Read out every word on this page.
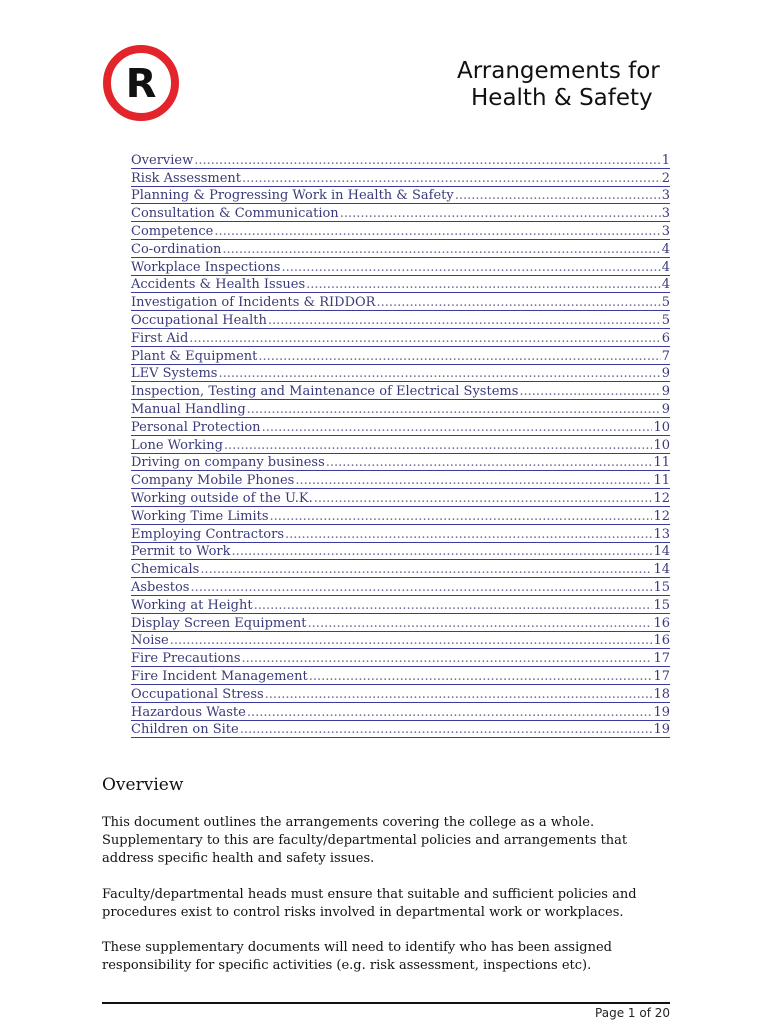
R	Arrangements for
Health & Safety
Overview .....	1
Risk Assessment .....	2
Planning & Progressing Work in Health & Safety .....	3
Consultation & Communication .....	3
Competence .....	3
Co-ordination .....	4
Workplace Inspections .....	4
Accidents & Health Issues .....	4
Investigation of Incidents & RIDDOR .....	5
Occupational Health .....	5
First Aid .....	6
Plant & Equipment .....	7
LEV Systems .....	9
Inspection, Testing and Maintenance of Electrical Systems .....	9
Manual Handling .....	9
Personal Protection .....	10
Lone Working .....	10
Driving on company business .....	11
Company Mobile Phones .....	11
Working outside of the U.K. .....	12
Working Time Limits .....	12
Employing Contractors .....	13
Permit to Work .....	14
Chemicals .....	14
Asbestos .....	15
Working at Height .....	15
Display Screen Equipment .....	16
Noise .....	16
Fire Precautions .....	17
Fire Incident Management .....	17
Occupational Stress .....	18
Hazardous Waste .....	19
Children on Site .....	19
Overview

This document outlines the arrangements covering the college as a whole. Supplementary to this are faculty/departmental policies and arrangements that address specific health and safety issues.

Faculty/departmental heads must ensure that suitable and sufficient policies and procedures exist to control risks involved in departmental work or workplaces.

These supplementary documents will need to identify who has been assigned responsibility for specific activities (e.g. risk assessment, inspections etc).

Page 1 of 20
